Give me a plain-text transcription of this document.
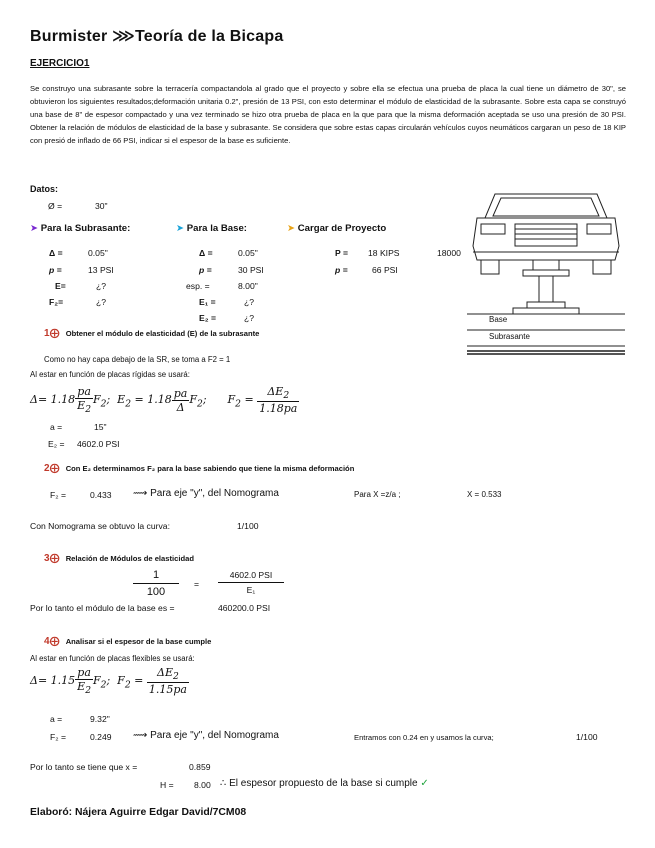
Burmister ⋙Teoría de la Bicapa
EJERCICIO1
Se construyo una subrasante sobre la terracería compactandola al grado que el proyecto y sobre ella se efectua una prueba de placa la cual tiene un diámetro de 30", se obtuvieron los siguientes resultados;deformación unitaria 0.2", presión de 13 PSI, con esto determinar el módulo de elasticidad de la subrasante. Sobre esta capa se construyó una base de 8" de espesor compactado y una vez terminado se hizo otra prueba de placa en la que para que la misma deformación aceptada se uso una presión de 30 PSI. Obtener la relación de módulos de elasticidad de la base y subrasante. Se considera que sobre estas capas circularán vehículos cuyos neumáticos cargaran un peso de 18 KIP con presió de inflado de 66 PSI, indicar si el espesor de la base es suficiente.
Datos:
Ø =	30"
➤ Para la Subrasante:	➤ Para la Base:	➤ Cargar de Proyecto
Δ =	0.05"
p =	13 PSI
E=	¿?
F₂=	¿?
Δ =	0.05"
p =	30 PSI
esp. =	8.00"
E₁ =	¿?
E₂ =	¿?
P = 18 KIPS	18000
p =	66 PSI
Base
Subrasante
1⨁ Obtener el módulo de elasticidad (E) de la subrasante
Como no hay capa debajo de la SR, se toma a F2 = 1
Al estar en función de placas rígidas se usará:
$\Delta= 1.18 \frac{pa}{E_2} F_2$;  $E_2 = 1.18 \frac{pa}{\Delta} F_2$;      $F_2 = \frac{\Delta E_2}{1.18pa}$
a =	15"
E₂ = 4602.0 PSI
2⨁ Con E₂ determinamos F₂ para la base sabiendo que tiene la misma deformación
F₂ =	0.433 ⟿ Para eje "y", del Nomograma	Para X =z/a ;	X = 0.533
Con Nomograma se obtuvo la curva:	1/100
3⨁ Relación de Módulos de elasticidad
1
100
=
4602.0 PSI
E₁
Por lo tanto el módulo de la base es =	460200.0 PSI
4⨁ Analisar si el espesor de la base cumple
Al estar en función de placas flexibles se usará:
$\Delta= 1.15 \frac{pa}{E_2} F_2$;  $F_2 = \frac{\Delta E_2}{1.15pa}$
a =	9.32"
F₂ =	0.249 ⟿ Para eje "y", del Nomograma	Entramos con 0.24 en y usamos la curva;	1/100
Por lo tanto se tiene que x =	0.859
H = 8.00 ∴ El espesor propuesto de la base si cumple ✓
Elaboró: Nájera Aguirre Edgar David/7CM08
